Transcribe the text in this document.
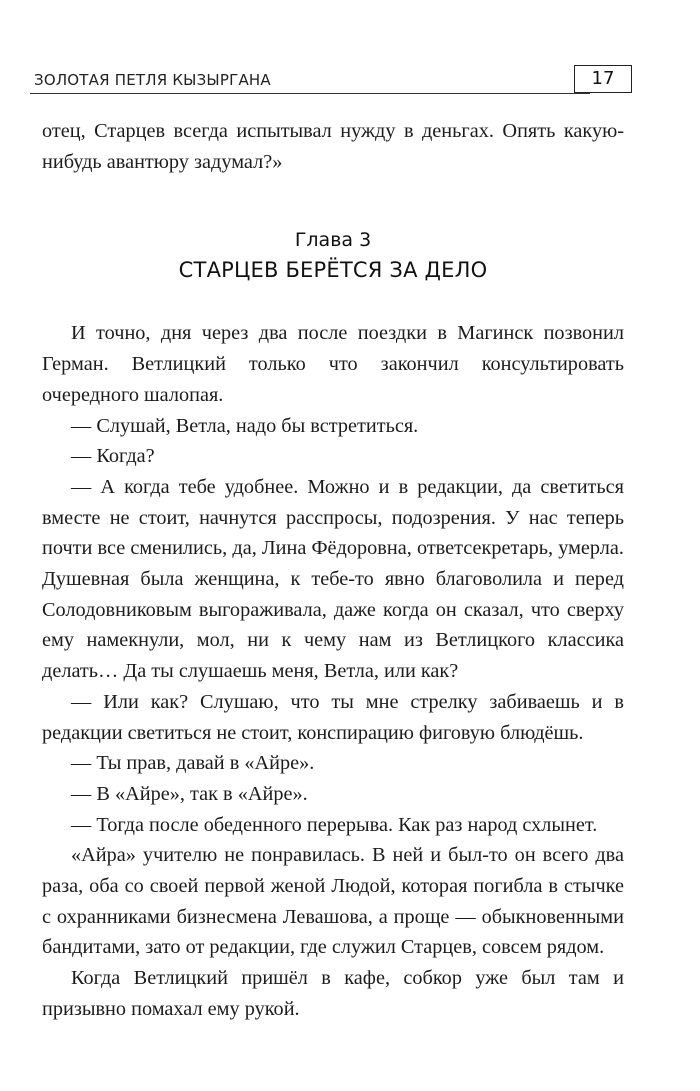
ЗОЛОТАЯ ПЕТЛЯ КЫЗЫРГАНА	17

отец, Старцев всегда испытывал нужду в деньгах. Опять какую-нибудь авантюру задумал?»

Глава 3
СТАРЦЕВ БЕРЁТСЯ ЗА ДЕЛО

И точно, дня через два после поездки в Магинск позвонил Герман. Ветлицкий только что закончил консультировать очередного шалопая.

— Слушай, Ветла, надо бы встретиться.

— Когда?

— А когда тебе удобнее. Можно и в редакции, да светиться вместе не стоит, начнутся расспросы, подозрения. У нас теперь почти все сменились, да, Лина Фёдоровна, ответсекретарь, умерла. Душевная была женщина, к тебе-то явно благоволила и перед Солодовниковым выгораживала, даже когда он сказал, что сверху ему намекнули, мол, ни к чему нам из Ветлицкого классика делать… Да ты слушаешь меня, Ветла, или как?

— Или как? Слушаю, что ты мне стрелку забиваешь и в редакции светиться не стоит, конспирацию фиговую блюдёшь.

— Ты прав, давай в «Айре».

— В «Айре», так в «Айре».

— Тогда после обеденного перерыва. Как раз народ схлынет.

«Айра» учителю не понравилась. В ней и был-то он всего два раза, оба со своей первой женой Людой, которая погибла в стычке с охранниками бизнесмена Левашова, а проще — обыкновенными бандитами, зато от редакции, где служил Старцев, совсем рядом.

Когда Ветлицкий пришёл в кафе, собкор уже был там и призывно помахал ему рукой.
